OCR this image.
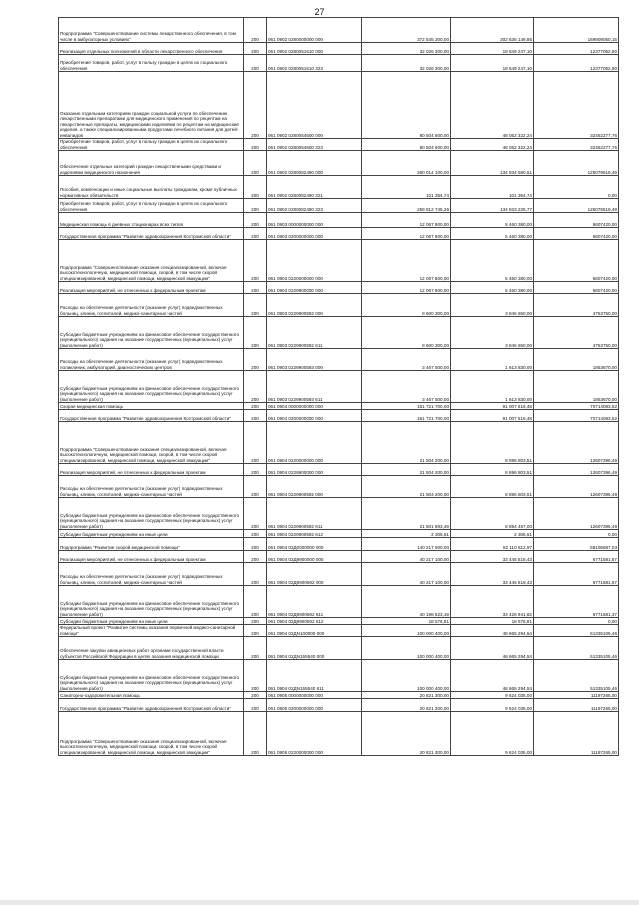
27
Подпрограмма "Совершенствование системы лекарственного обеспечения, в том числе в амбулаторных условиях"	200	061 0902 0280000000 000	372 545 200,00	202 636 149,85	169909050,15
Реализация отдельных полномочий в области лекарственного обеспечения	200	061 0902 0280051610 000	32 026 300,00	19 649 247,10	12377052,90
Приобретение товаров, работ, услуг в пользу граждан в целях их социального обеспечения	200	061 0902 0280051610 323	32 026 300,00	19 649 247,10	12377052,90
Оказание отдельным категориям граждан социальной услуги по обеспечению лекарственными препаратами для медицинского применения по рецептам на лекарственные препараты, медицинскими изделиями по рецептам на медицинские изделия, а также специализированными продуктами лечебного питания для детей-инвалидов	200	061 0902 0280054600 000	80 504 600,00	48 052 322,24	32452277,76
Приобретение товаров, работ, услуг в пользу граждан в целях их социального обеспечения	200	061 0902 0280054600 323	80 504 600,00	48 052 322,24	32452277,76
Обеспечение отдельных категорий граждан лекарственными средствами и изделиями медицинского назначения	200	061 0902 0280082490 000	260 014 100,00	134 934 580,51	125079519,49
Пособия, компенсации и иные социальные выплаты гражданам, кроме публичных нормативных обязательств	200	061 0902 0280082490 321	101 354,74	101 354,74	0,00
Приобретение товаров, работ, услуг в пользу граждан в целях их социального обеспечения	200	061 0902 0280082490 323	259 912 745,26	134 833 225,77	125079519,49
Медицинская помощь в дневных стационарах всех типов	200	061 0903 0000000000 000	12 067 800,00	5 460 380,00	6607420,00
Государственная программа "Развитие здравоохранения Костромской области"	200	061 0903 0200000000 000	12 067 800,00	5 460 380,00	6607420,00
Подпрограмма "Совершенствование оказания специализированной, включая высокотехнологичную, медицинской помощи, скорой, в том числе скорой специализированной, медицинской помощи, медицинской эвакуации"	200	061 0903 0220000000 000	12 067 800,00	5 460 380,00	6607420,00
Реализация мероприятий, не отнесенных к федеральным проектам	200	061 0903 0229900000 000	12 067 800,00	5 460 380,00	6607420,00
Расходы на обеспечение деятельности (оказание услуг) подведомственных больниц, клиник, госпиталей, медико-санитарных частей	200	061 0903 0229900592 000	8 600 300,00	3 846 550,00	4753750,00
Субсидии бюджетным учреждениям на финансовое обеспечение государственного (муниципального) задания на оказание государственных (муниципальных) услуг (выполнение работ)	200	061 0903 0229900592 611	8 600 300,00	3 846 550,00	4753750,00
Расходы на обеспечение деятельности (оказание услуг) подведомственных поликлиник, амбулаторий, диагностических центров	200	061 0903 0229900593 000	3 467 500,00	1 613 830,00	1853670,00
Субсидии бюджетным учреждениям на финансовое обеспечение государственного (муниципального) задания на оказание государственных (муниципальных) услуг (выполнение работ)	200	061 0903 0229900593 611	3 467 500,00	1 613 830,00	1853670,00
Скорая медицинская помощь	200	061 0904 0000000000 000	161 721 700,00	91 007 616,48	70714083,52
Государственная программа "Развитие здравоохранения Костромской области"	200	061 0904 0200000000 000	161 721 700,00	91 007 616,48	70714083,52
Подпрограмма "Совершенствование оказания специализированной, включая высокотехнологичную, медицинской помощи, скорой, в том числе скорой специализированной, медицинской помощи, медицинской эвакуации"	200	061 0904 0220000000 000	21 504 200,00	8 896 803,51	12607396,49
Реализация мероприятий, не отнесенных к федеральным проектам	200	061 0904 0229900000 000	21 504 200,00	8 896 803,51	12607396,49
Расходы на обеспечение деятельности (оказание услуг) подведомственных больниц, клиник, госпиталей, медико-санитарных частей	200	061 0904 0229900592 000	21 504 200,00	8 896 803,51	12607396,49
Субсидии бюджетным учреждениям на финансовое обеспечение государственного (муниципального) задания на оказание государственных (муниципальных) услуг (выполнение работ)	200	061 0904 0229900592 611	21 501 893,49	8 894 497,00	12607396,49
Субсидии бюджетным учреждениям на иные цели	200	061 0904 0229900592 612	2 306,51	2 306,51	0,00
Подпрограмма "Развитие скорой медицинской помощи"	200	061 0904 02Д0000000 000	140 217 500,00	82 110 812,97	58106687,03
Реализация мероприятий, не отнесенных к федеральным проектам	200	061 0904 02Д9900000 000	40 217 100,00	33 445 518,43	6771581,57
Расходы на обеспечение деятельности (оказание услуг) подведомственных больниц, клиник, госпиталей, медико-санитарных частей	200	061 0904 02Д9900592 000	40 217 100,00	33 445 518,43	6771581,57
Субсидии бюджетным учреждениям на финансовое обеспечение государственного (муниципального) задания на оказание государственных (муниципальных) услуг (выполнение работ)	200	061 0904 02Д9900592 611	40 198 523,19	33 426 941,82	6771581,37
Субсидии бюджетным учреждениям на иные цели	200	061 0904 02Д9900592 612	18 576,81	18 576,81	0,00
Федеральный проект "Развитие системы оказания первичной медико-санитарной помощи"	200	061 0904 02ДN100000 000	100 000 400,00	48 665 294,54	51335105,46
Обеспечение закупки авиационных работ органами государственной власти субъектов Российской Федерации в целях оказания медицинской помощи	200	061 0904 02ДN155540 000	100 000 400,00	48 665 294,54	51335105,46
Субсидии бюджетным учреждениям на финансовое обеспечение государственного (муниципального) задания на оказание государственных (муниципальных) услуг (выполнение работ)	200	061 0904 02ДN155540 611	100 000 400,00	48 665 294,54	51335105,46
Санаторно-оздоровительная помощь	200	061 0905 0000000000 000	20 821 300,00	9 624 035,00	11197265,00
Государственная программа "Развитие здравоохранения Костромской области"	200	061 0905 0200000000 000	20 821 300,00	9 624 035,00	11197265,00
Подпрограмма "Совершенствование оказания специализированной, включая высокотехнологичную, медицинской помощи, скорой, в том числе скорой специализированной, медицинской помощи, медицинской эвакуации"	200	061 0905 0220000000 000	20 821 300,00	9 624 035,00	11197265,00
